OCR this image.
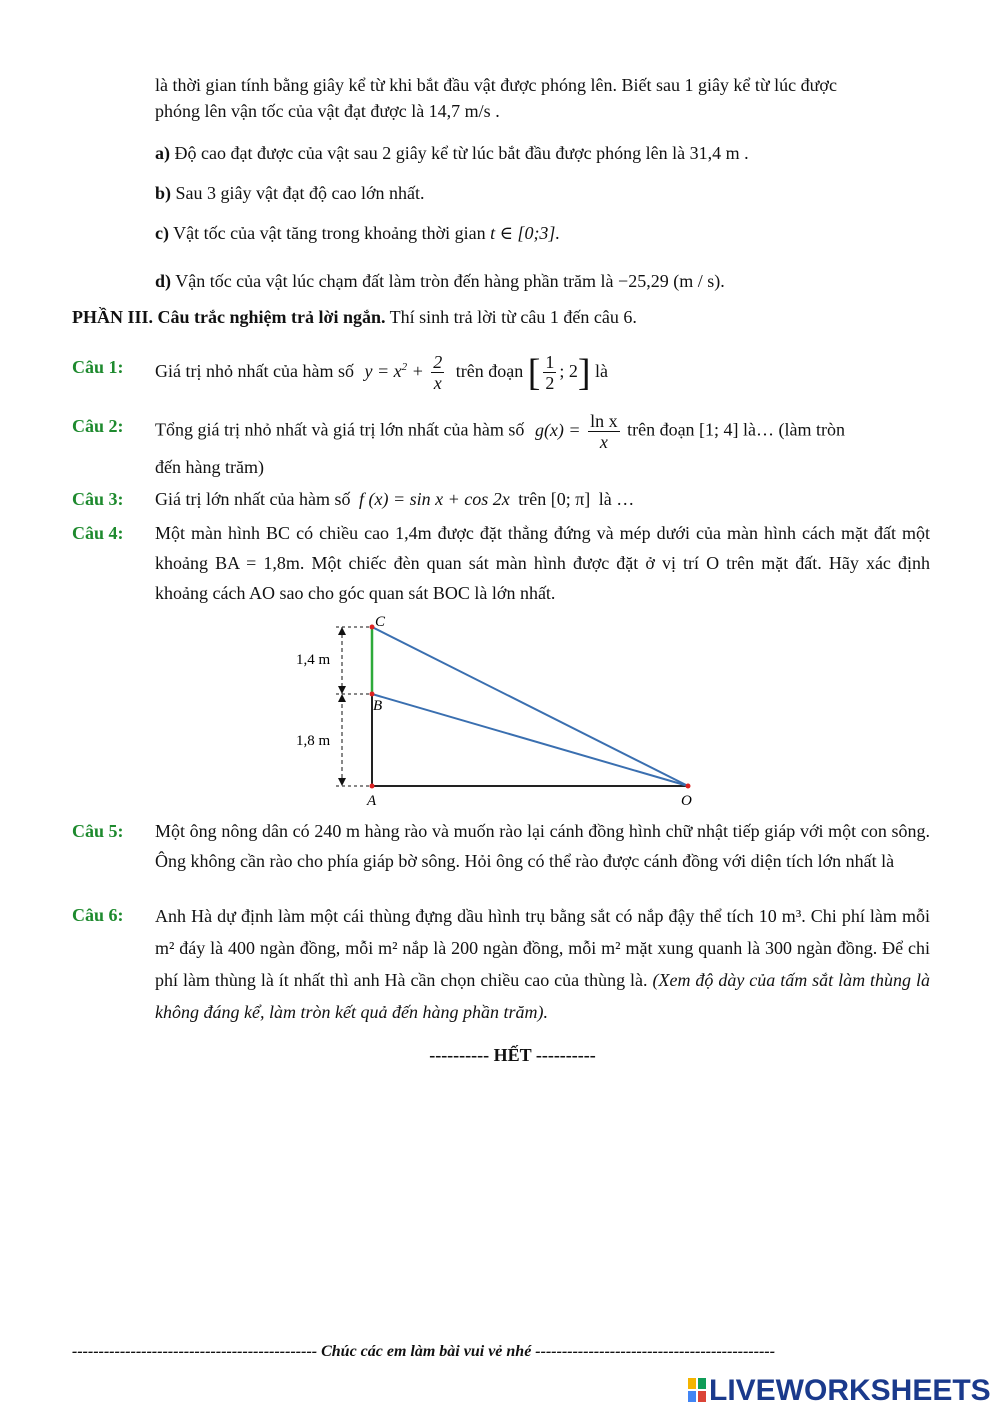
là thời gian tính bằng giây kể từ khi bắt đầu vật được phóng lên. Biết sau 1 giây kể từ lúc được
phóng lên vận tốc của vật đạt được là 14,7 m/s .
a) Độ cao đạt được của vật sau 2 giây kể từ lúc bắt đầu được phóng lên là 31,4 m .
b) Sau 3 giây vật đạt độ cao lớn nhất.
c) Vật tốc của vật tăng trong khoảng thời gian t ∈ [0;3].
d) Vận tốc của vật lúc chạm đất làm tròn đến hàng phần trăm là −25,29 (m / s).
PHẦN III. Câu trắc nghiệm trả lời ngắn. Thí sinh trả lời từ câu 1 đến câu 6.
Câu 1: Giá trị nhỏ nhất của hàm số $y = x^2 + \frac{2}{x}$ trên đoạn [ $\frac{1}{2}$ ; 2] là
Câu 2: Tổng giá trị nhỏ nhất và giá trị lớn nhất của hàm số $g(x) = \frac{\text{ln x}}{x}$ trên đoạn [1; 4] là… (làm tròn
đến hàng trăm)
Câu 3: Giá trị lớn nhất của hàm số f (x) = sin x + cos 2x trên [0; π] là …
Câu 4: Một màn hình BC có chiều cao 1,4m được đặt thẳng đứng và mép dưới của màn hình cách mặt đất một khoảng BA = 1,8m. Một chiếc đèn quan sát màn hình được đặt ở vị trí O trên mặt đất. Hãy xác định khoảng cách AO sao cho góc quan sát BOC là lớn nhất.
C
B
A	O
1,4 m
1,8 m
Câu 5: Một ông nông dân có 240 m hàng rào và muốn rào lại cánh đồng hình chữ nhật tiếp giáp với một con sông. Ông không cần rào cho phía giáp bờ sông. Hỏi ông có thể rào được cánh đồng với diện tích lớn nhất là
Câu 6: Anh Hà dự định làm một cái thùng đựng dầu hình trụ bằng sắt có nắp đậy thể tích 10 m³. Chi phí làm mỗi m² đáy là 400 ngàn đồng, mỗi m² nắp là 200 ngàn đồng, mỗi m² mặt xung quanh là 300 ngàn đồng. Để chi phí làm thùng là ít nhất thì anh Hà cần chọn chiều cao của thùng là. (Xem độ dày của tấm sắt làm thùng là không đáng kể, làm tròn kết quả đến hàng phần trăm).
---------- HẾT ----------
---------------------------------------------- Chúc các em làm bài vui vẻ nhé ---------------------------------------------
LIVEWORKSHEETS
